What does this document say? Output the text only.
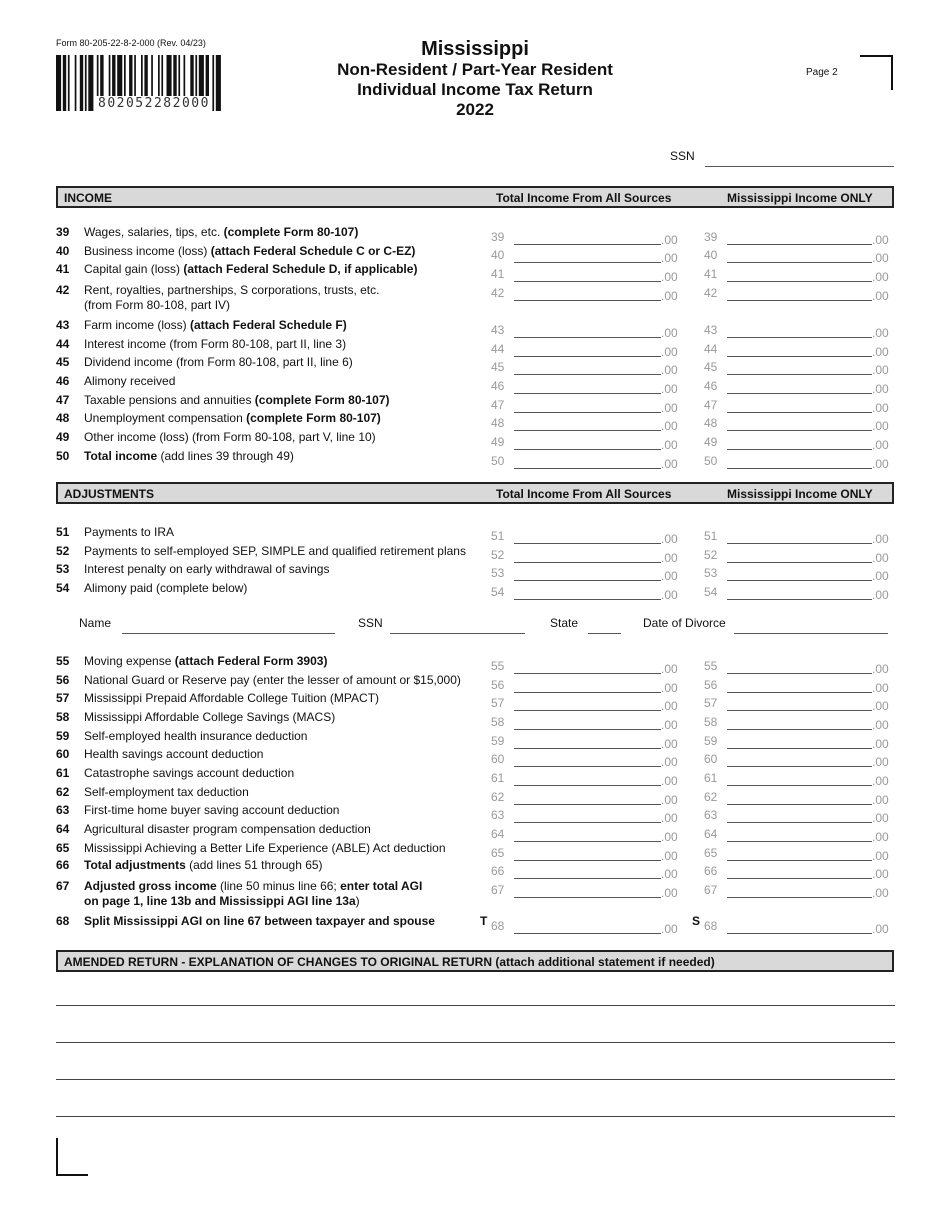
Form 80-205-22-8-2-000 (Rev. 04/23)
802052282000
Mississippi
Non-Resident / Part-Year Resident
Individual Income Tax Return
2022
Page 2
SSN
INCOME	Total Income From All Sources	Mississippi Income ONLY
39 Wages, salaries, tips, etc. (complete Form 80-107)	39	.00 39	.00
40 Business income (loss) (attach Federal Schedule C or C-EZ)	40	.00 40	.00
41 Capital gain (loss) (attach Federal Schedule D, if applicable)	41	.00 41	.00
42 Rent, royalties, partnerships, S corporations, trusts, etc.
(from Form 80-108, part IV)
42	.00 42	.00
43 Farm income (loss) (attach Federal Schedule F)	43	.00 43	.00
44 Interest income (from Form 80-108, part II, line 3)	44	.00 44	.00
45 Dividend income (from Form 80-108, part II, line 6)	45	.00 45	.00
46 Alimony received	46	.00 46	.00
47 Taxable pensions and annuities (complete Form 80-107)	47	.00 47	.00
48 Unemployment compensation (complete Form 80-107)	48	.00 48	.00
49 Other income (loss) (from Form 80-108, part V, line 10)	49	.00 49	.00
50 Total income (add lines 39 through 49)	50	.00 50	.00
ADJUSTMENTS	Total Income From All Sources	Mississippi Income ONLY
51 Payments to IRA	51	.00 51	.00
52 Payments to self-employed SEP, SIMPLE and qualified retirement plans 52	.00 52	.00
53 Interest penalty on early withdrawal of savings	53	.00 53	.00
54 Alimony paid (complete below)	54	.00 54	.00
Name	SSN	State	Date of Divorce
55 Moving expense (attach Federal Form 3903)	55	.00 55	.00
56 National Guard or Reserve pay (enter the lesser of amount or $15,000)	56	.00 56	.00
57 Mississippi Prepaid Affordable College Tuition (MPACT)	57	.00 57	.00
58 Mississippi Affordable College Savings (MACS)	58	.00 58	.00
59 Self-employed health insurance deduction	59	.00 59	.00
60 Health savings account deduction	60	.00 60	.00
61 Catastrophe savings account deduction	61	.00 61	.00
62 Self-employment tax deduction	62	.00 62	.00
63 First-time home buyer saving account deduction	63	.00 63	.00
64 Agricultural disaster program compensation deduction	64	.00 64	.00
65 Mississippi Achieving a Better Life Experience (ABLE) Act deduction	65	.00 65	.00
66 Total adjustments (add lines 51 through 65)	66	.00 66	.00
67 Adjusted gross income (line 50 minus line 66; enter total AGI
on page 1, line 13b and Mississippi AGI line 13a)
67	.00 67	.00
68 Split Mississippi AGI on line 67 between taxpayer and spouse	T	S
68	.00 68	.00
AMENDED RETURN - EXPLANATION OF CHANGES TO ORIGINAL RETURN (attach additional statement if needed)
